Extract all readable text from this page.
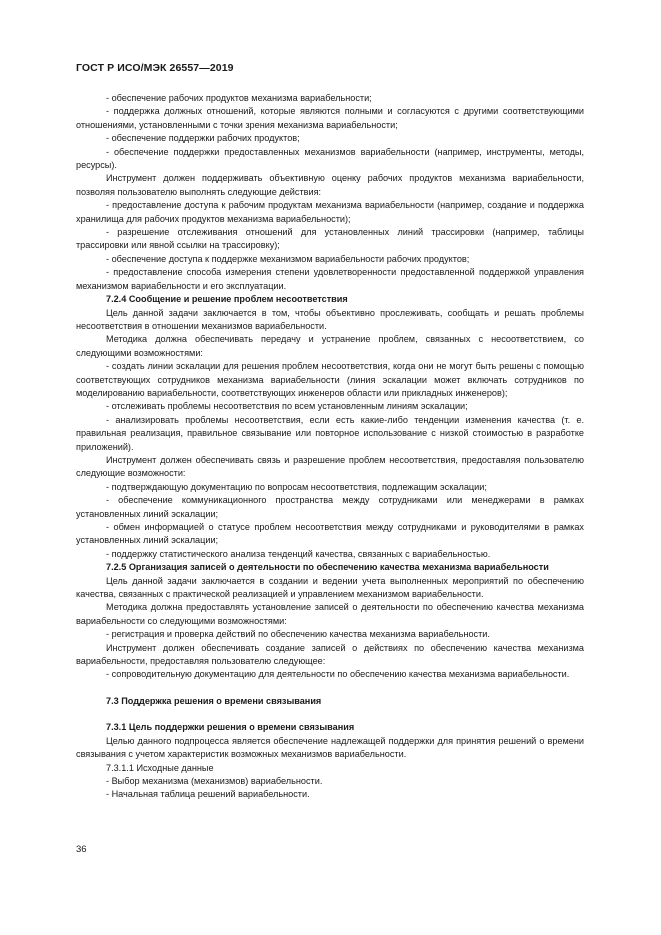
ГОСТ Р ИСО/МЭК 26557—2019

- обеспечение рабочих продуктов механизма вариабельности;

- поддержка должных отношений, которые являются полными и согласуются с другими соответствующими отношениями, установленными с точки зрения механизма вариабельности;

- обеспечение поддержки рабочих продуктов;

- обеспечение поддержки предоставленных механизмов вариабельности (например, инструменты, методы, ресурсы).

Инструмент должен поддерживать объективную оценку рабочих продуктов механизма вариабельности, позволяя пользователю выполнять следующие действия:

- предоставление доступа к рабочим продуктам механизма вариабельности (например, создание и поддержка хранилища для рабочих продуктов механизма вариабельности);

- разрешение отслеживания отношений для установленных линий трассировки (например, таблицы трассировки или явной ссылки на трассировку);

- обеспечение доступа к поддержке механизмом вариабельности рабочих продуктов;

- предоставление способа измерения степени удовлетворенности предоставленной поддержкой управления механизмом вариабельности и его эксплуатации.

7.2.4 Сообщение и решение проблем несоответствия

Цель данной задачи заключается в том, чтобы объективно прослеживать, сообщать и решать проблемы несоответствия в отношении механизмов вариабельности.

Методика должна обеспечивать передачу и устранение проблем, связанных с несоответствием, со следующими возможностями:

- создать линии эскалации для решения проблем несоответствия, когда они не могут быть решены с помощью соответствующих сотрудников механизма вариабельности (линия эскалации может включать сотрудников по моделированию вариабельности, соответствующих инженеров области или прикладных инженеров);

- отслеживать проблемы несоответствия по всем установленным линиям эскалации;

- анализировать проблемы несоответствия, если есть какие-либо тенденции изменения качества (т. е. правильная реализация, правильное связывание или повторное использование с низкой стоимостью в разработке приложений).

Инструмент должен обеспечивать связь и разрешение проблем несоответствия, предоставляя пользователю следующие возможности:

- подтверждающую документацию по вопросам несоответствия, подлежащим эскалации;

- обеспечение коммуникационного пространства между сотрудниками или менеджерами в рамках установленных линий эскалации;

- обмен информацией о статусе проблем несоответствия между сотрудниками и руководителями в рамках установленных линий эскалации;

- поддержку статистического анализа тенденций качества, связанных с вариабельностью.

7.2.5 Организация записей о деятельности по обеспечению качества механизма вариабельности

Цель данной задачи заключается в создании и ведении учета выполненных мероприятий по обеспечению качества, связанных с практической реализацией и управлением механизмом вариабельности.

Методика должна предоставлять установление записей о деятельности по обеспечению качества механизма вариабельности со следующими возможностями:

- регистрация и проверка действий по обеспечению качества механизма вариабельности.

Инструмент должен обеспечивать создание записей о действиях по обеспечению качества механизма вариабельности, предоставляя пользователю следующее:

- сопроводительную документацию для деятельности по обеспечению качества механизма вариабельности.

7.3 Поддержка решения о времени связывания

7.3.1 Цель поддержки решения о времени связывания

Целью данного подпроцесса является обеспечение надлежащей поддержки для принятия решений о времени связывания с учетом характеристик возможных механизмов вариабельности.

7.3.1.1 Исходные данные

- Выбор механизма (механизмов) вариабельности.

- Начальная таблица решений вариабельности.

36
